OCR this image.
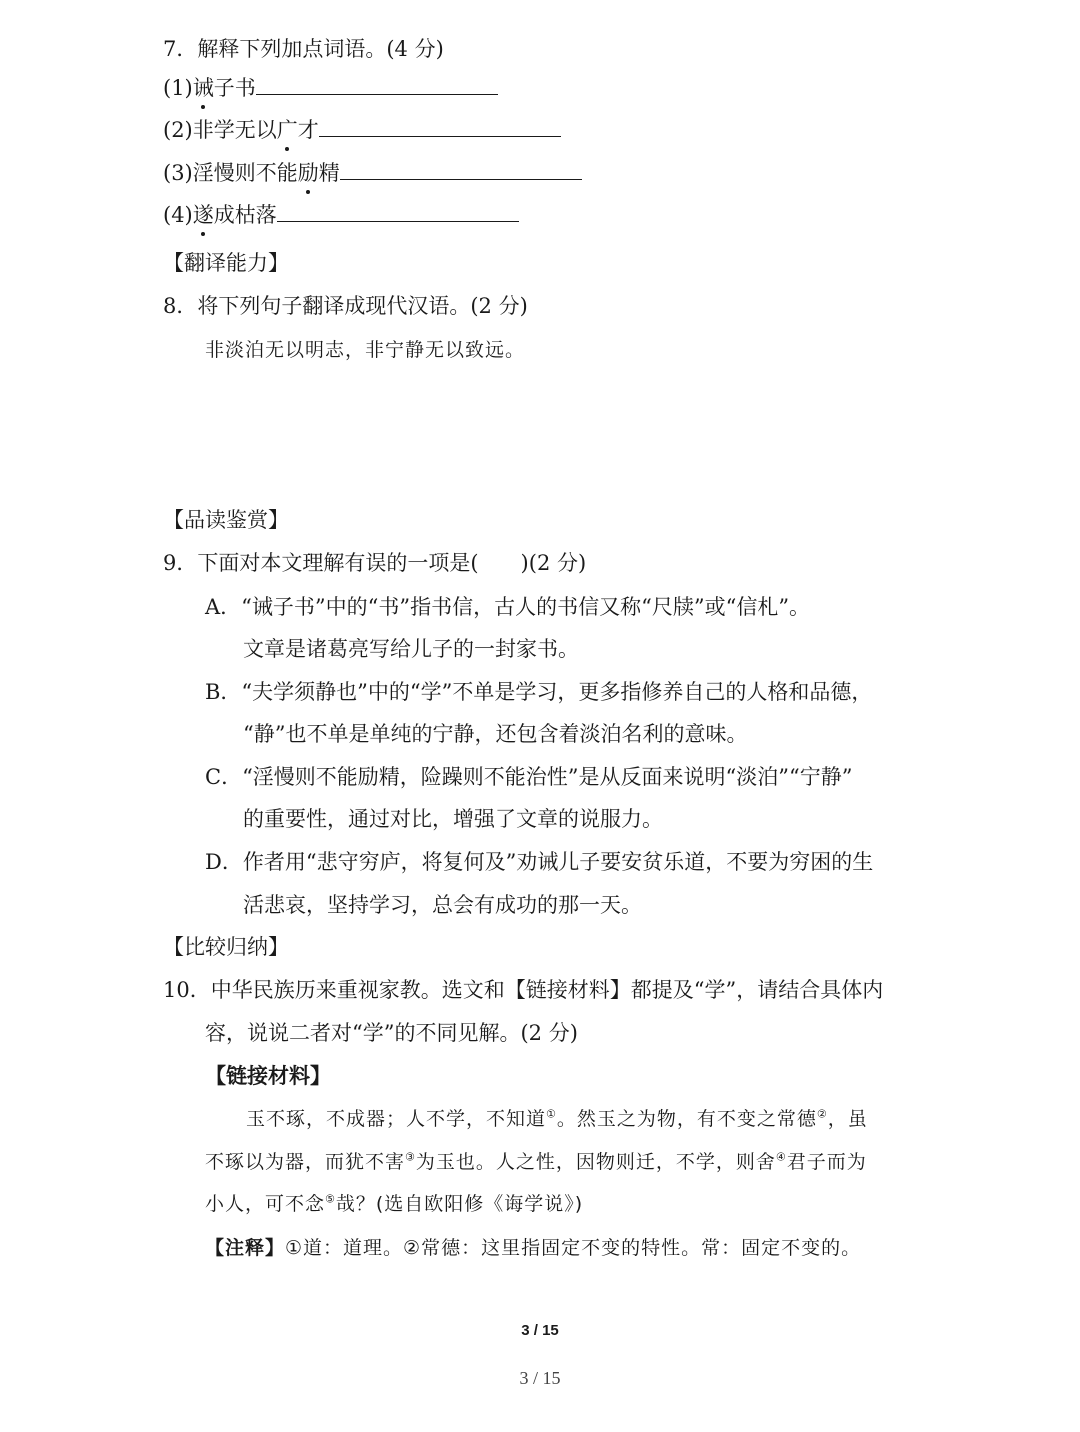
7．解释下列加点词语。(4 分)
(1)诫子书
(2)非学无以广才
(3)淫慢则不能励精
(4)遂成枯落
【翻译能力】
8．将下列句子翻译成现代汉语。(2 分)
非淡泊无以明志，非宁静无以致远。
【品读鉴赏】
9．下面对本文理解有误的一项是(　　)(2 分)
A．“诫子书”中的“书”指书信，古人的书信又称“尺牍”或“信札”。
文章是诸葛亮写给儿子的一封家书。
B．“夫学须静也”中的“学”不单是学习，更多指修养自己的人格和品德，
“静”也不单是单纯的宁静，还包含着淡泊名利的意味。
C．“淫慢则不能励精，险躁则不能治性”是从反面来说明“淡泊”“宁静”
的重要性，通过对比，增强了文章的说服力。
D．作者用“悲守穷庐，将复何及”劝诫儿子要安贫乐道，不要为穷困的生
活悲哀，坚持学习，总会有成功的那一天。
【比较归纳】
10．中华民族历来重视家教。选文和【链接材料】都提及“学”，请结合具体内
容，说说二者对“学”的不同见解。(2 分)
【链接材料】
玉不琢，不成器；人不学，不知道①。然玉之为物，有不变之常德②，虽
不琢以为器，而犹不害③为玉也。人之性，因物则迁，不学，则舍④君子而为
小人，可不念⑤哉？(选自欧阳修《诲学说》)
【注释】①道：道理。②常德：这里指固定不变的特性。常：固定不变的。
3 / 15
3 / 15
